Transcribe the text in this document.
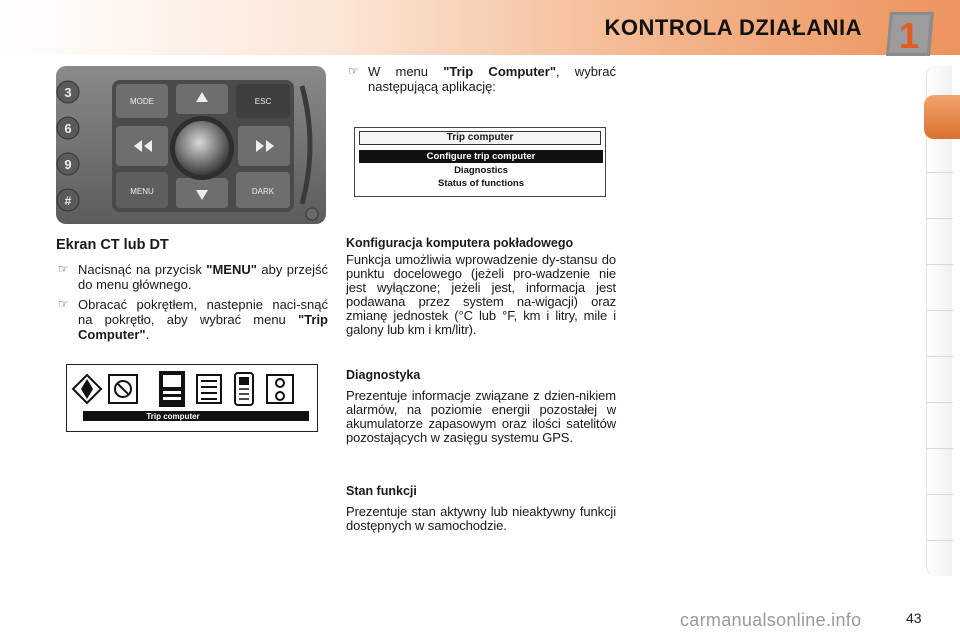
KONTROLA DZIAŁANIA 1
3
6
9
#
MODE	ESC
MENU	DARK
Ekran CT lub DT
☞ Nacisnąć na przycisk "MENU" aby przejść do menu głównego.
☞ Obracać pokrętłem, nastepnie naci-snąć na pokrętło, aby wybrać menu "Trip Computer".
Trip computer
☞ W menu "Trip Computer", wybrać następującą aplikację:
Trip computer
Configure trip computer
Diagnostics
Status of functions
Konfiguracja komputera pokładowego
Funkcja umożliwia wprowadzenie dy-stansu do punktu docelowego (jeżeli pro-wadzenie nie jest wyłączone; jeżeli jest, informacja jest podawana przez system na-wigacji) oraz zmianę jednostek (°C lub °F, km i litry, mile i galony lub km i km/litr).
Diagnostyka
Prezentuje informacje związane z dzien-nikiem alarmów, na poziomie energii pozostałej w akumulatorze zapasowym oraz ilości satelitów pozostających w zasięgu systemu GPS.
Stan funkcji
Prezentuje stan aktywny lub nieaktywny funkcji dostępnych w samochodzie.
carmanualsonline.info	43
